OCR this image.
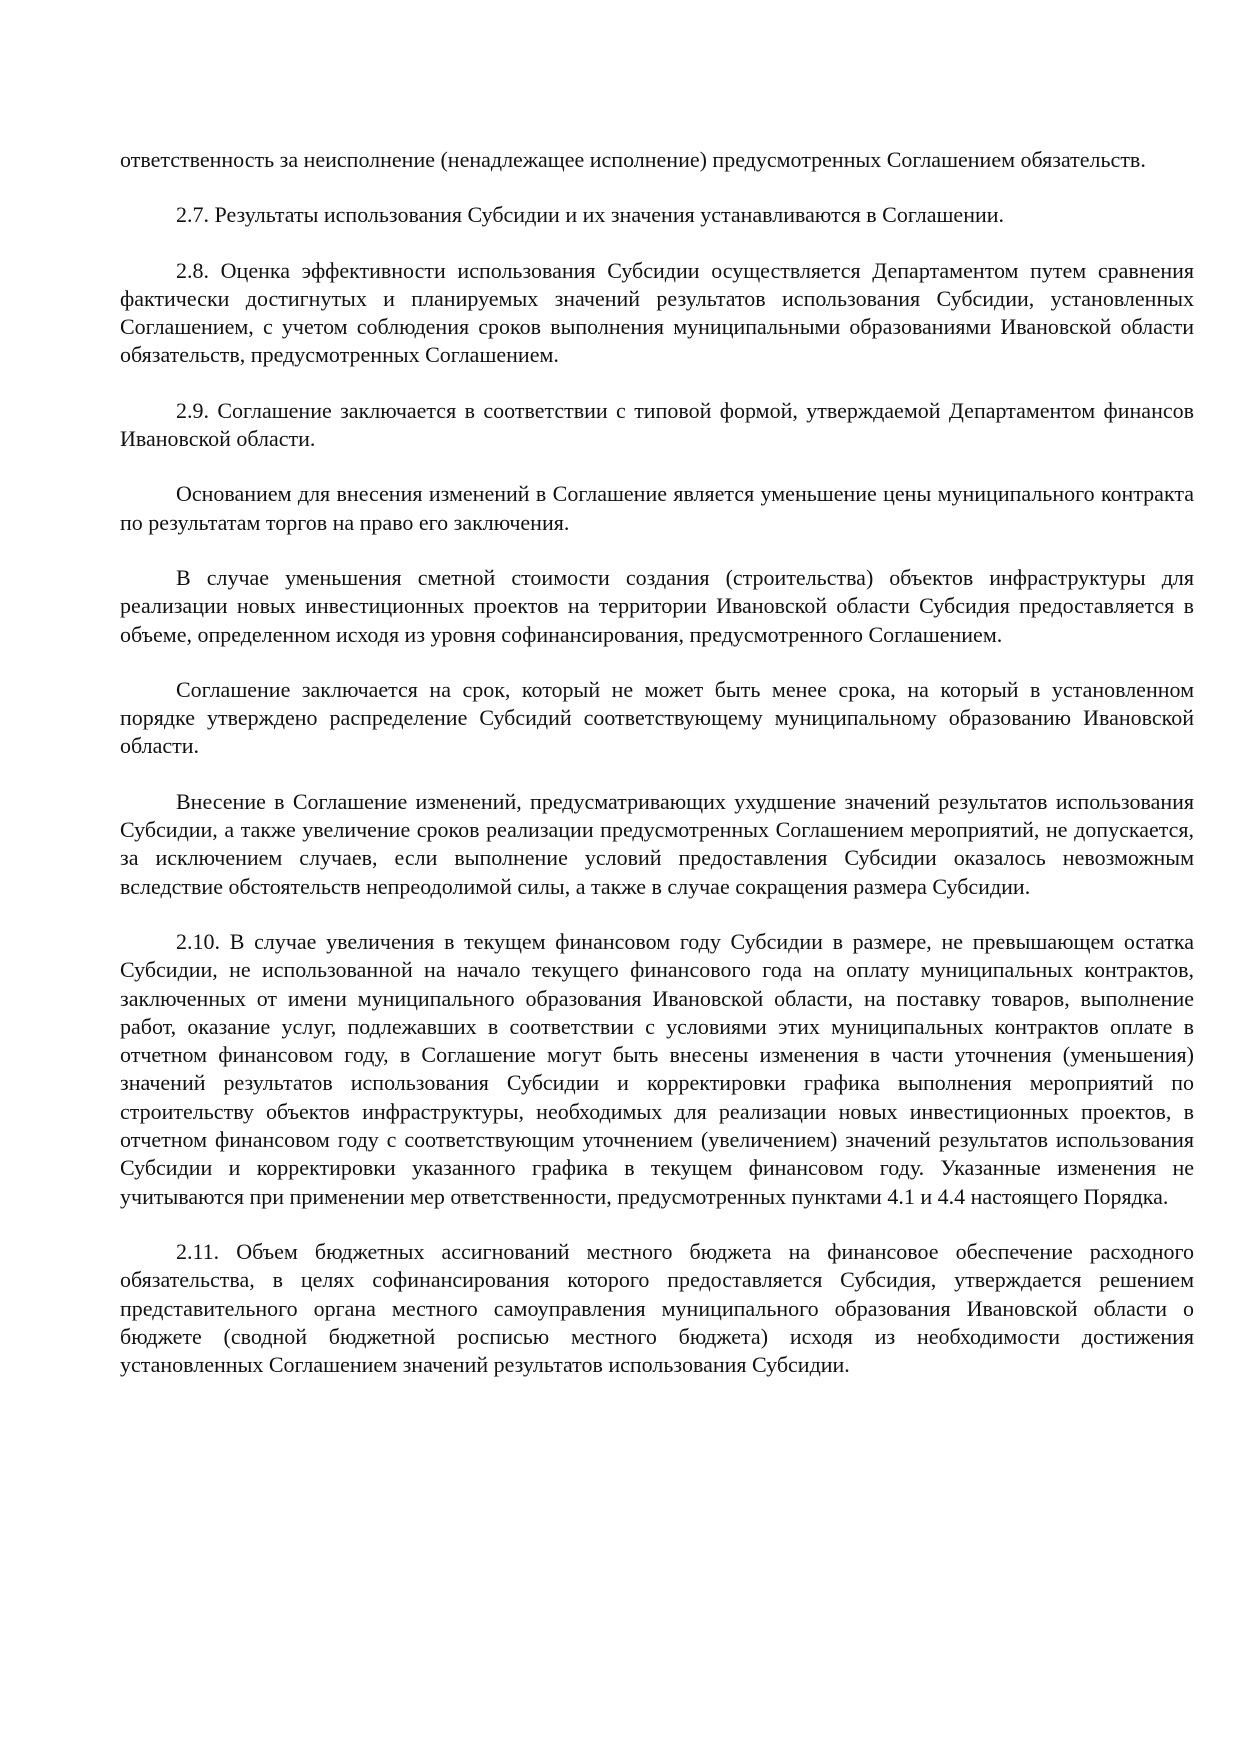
ответственность за неисполнение (ненадлежащее исполнение) предусмотренных Соглашением обязательств.

2.7. Результаты использования Субсидии и их значения устанавливаются в Соглашении.

2.8. Оценка эффективности использования Субсидии осуществляется Департаментом путем сравнения фактически достигнутых и планируемых значений результатов использования Субсидии, установленных Соглашением, с учетом соблюдения сроков выполнения муниципальными образованиями Ивановской области обязательств, предусмотренных Соглашением.

2.9. Соглашение заключается в соответствии с типовой формой, утверждаемой Департаментом финансов Ивановской области.

Основанием для внесения изменений в Соглашение является уменьшение цены муниципального контракта по результатам торгов на право его заключения.

В случае уменьшения сметной стоимости создания (строительства) объектов инфраструктуры для реализации новых инвестиционных проектов на территории Ивановской области Субсидия предоставляется в объеме, определенном исходя из уровня софинансирования, предусмотренного Соглашением.

Соглашение заключается на срок, который не может быть менее срока, на который в установленном порядке утверждено распределение Субсидий соответствующему муниципальному образованию Ивановской области.

Внесение в Соглашение изменений, предусматривающих ухудшение значений результатов использования Субсидии, а также увеличение сроков реализации предусмотренных Соглашением мероприятий, не допускается, за исключением случаев, если выполнение условий предоставления Субсидии оказалось невозможным вследствие обстоятельств непреодолимой силы, а также в случае сокращения размера Субсидии.

2.10. В случае увеличения в текущем финансовом году Субсидии в размере, не превышающем остатка Субсидии, не использованной на начало текущего финансового года на оплату муниципальных контрактов, заключенных от имени муниципального образования Ивановской области, на поставку товаров, выполнение работ, оказание услуг, подлежавших в соответствии с условиями этих муниципальных контрактов оплате в отчетном финансовом году, в Соглашение могут быть внесены изменения в части уточнения (уменьшения) значений результатов использования Субсидии и корректировки графика выполнения мероприятий по строительству объектов инфраструктуры, необходимых для реализации новых инвестиционных проектов, в отчетном финансовом году с соответствующим уточнением (увеличением) значений результатов использования Субсидии и корректировки указанного графика в текущем финансовом году. Указанные изменения не учитываются при применении мер ответственности, предусмотренных пунктами 4.1 и 4.4 настоящего Порядка.

2.11. Объем бюджетных ассигнований местного бюджета на финансовое обеспечение расходного обязательства, в целях софинансирования которого предоставляется Субсидия, утверждается решением представительного органа местного самоуправления муниципального образования Ивановской области о бюджете (сводной бюджетной росписью местного бюджета) исходя из необходимости достижения установленных Соглашением значений результатов использования Субсидии.
